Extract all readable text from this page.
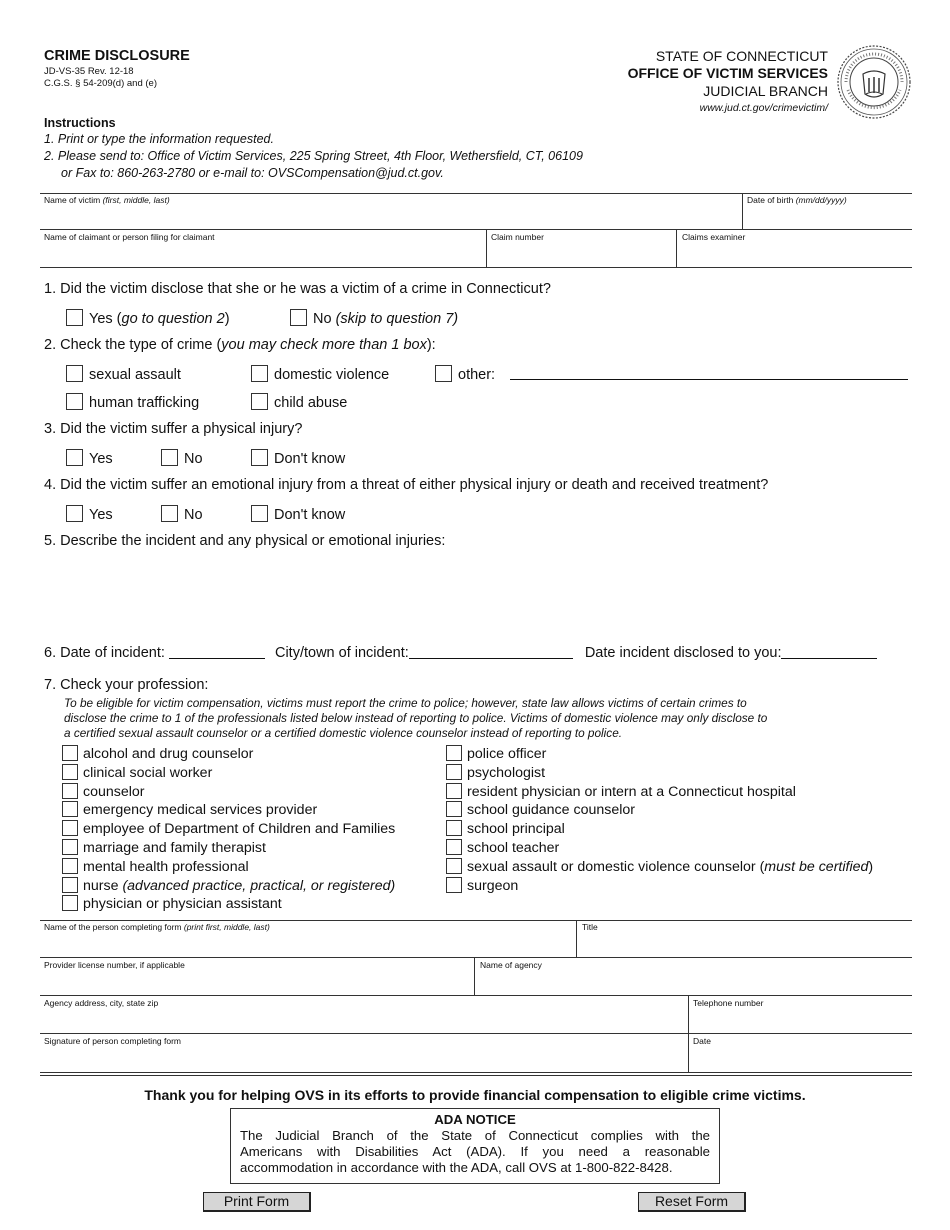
CRIME DISCLOSURE
JD-VS-35 Rev. 12-18
C.G.S. § 54-209(d) and (e)
STATE OF CONNECTICUT
OFFICE OF VICTIM SERVICES
JUDICIAL BRANCH
www.jud.ct.gov/crimevictim/
Instructions
1. Print or type the information requested.
2. Please send to: Office of Victim Services, 225 Spring Street, 4th Floor, Wethersfield, CT, 06109
or Fax to: 860-263-2780 or e-mail to: OVSCompensation@jud.ct.gov.
Name of victim (first, middle, last)	Date of birth (mm/dd/yyyy)
Name of claimant or person filing for claimant	Claim number	Claims examiner
1. Did the victim disclose that she or he was a victim of a crime in Connecticut?
Yes (go to question 2)	No (skip to question 7)
2. Check the type of crime (you may check more than 1 box):
sexual assault	domestic violence	other:
human trafficking	child abuse
3. Did the victim suffer a physical injury?
Yes	No	Don't know
4. Did the victim suffer an emotional injury from a threat of either physical injury or death and received treatment?
Yes	No	Don't know
5. Describe the incident and any physical or emotional injuries:
6. Date of incident:	City/town of incident:	Date incident disclosed to you:
7. Check your profession:
To be eligible for victim compensation, victims must report the crime to police; however, state law allows victims of certain crimes to
disclose the crime to 1 of the professionals listed below instead of reporting to police. Victims of domestic violence may only disclose to
a certified sexual assault counselor or a certified domestic violence counselor instead of reporting to police.
alcohol and drug counselor
clinical social worker
counselor
emergency medical services provider
employee of Department of Children and Families
marriage and family therapist
mental health professional
nurse (advanced practice, practical, or registered)
physician or physician assistant
police officer
psychologist
resident physician or intern at a Connecticut hospital
school guidance counselor
school principal
school teacher
sexual assault or domestic violence counselor (must be certified)
surgeon
Name of the person completing form (print first, middle, last)	Title
Provider license number, if applicable	Name of agency
Agency address, city, state zip	Telephone number
Signature of person completing form	Date
Thank you for helping OVS in its efforts to provide financial compensation to eligible crime victims.
ADA NOTICE
The Judicial Branch of the State of Connecticut complies with the
Americans with Disabilities Act (ADA). If you need a reasonable
accommodation in accordance with the ADA, call OVS at 1-800-822-8428.
Print Form	Reset Form
